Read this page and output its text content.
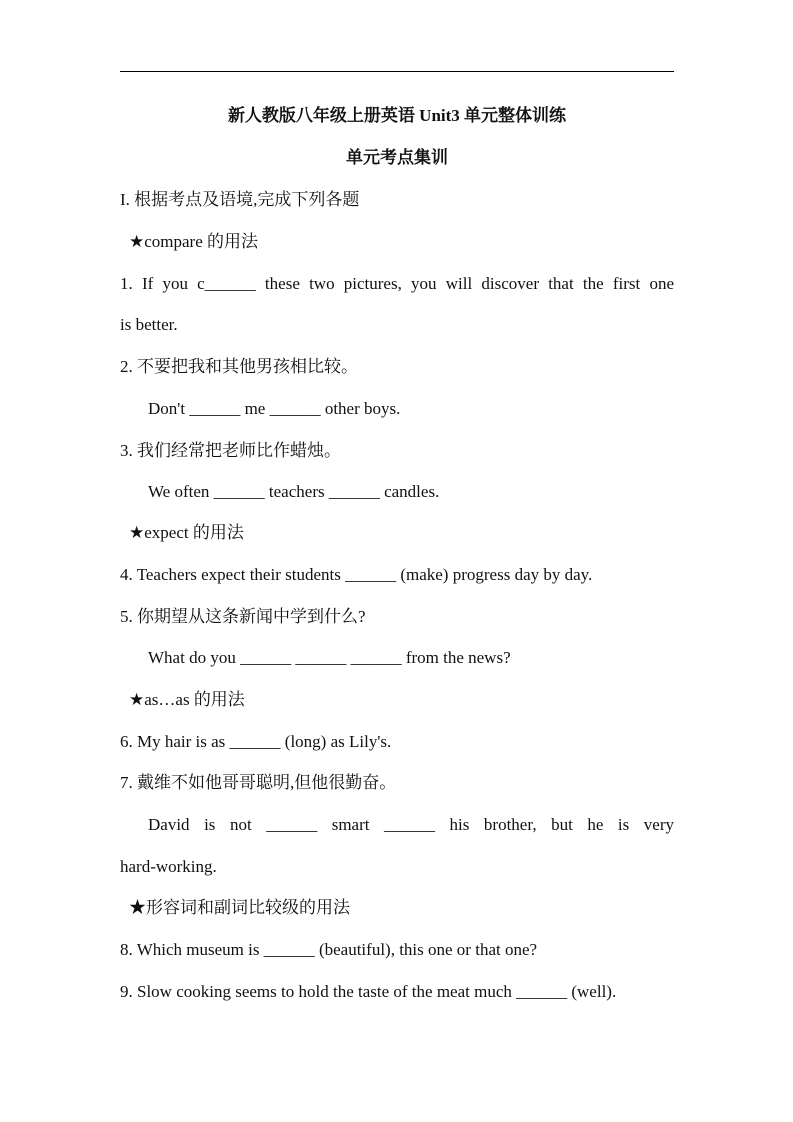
新人教版八年级上册英语 Unit3 单元整体训练
单元考点集训
I. 根据考点及语境,完成下列各题
★compare 的用法
1. If you c______ these two pictures, you will discover that the first one
is better.
2. 不要把我和其他男孩相比较。
Don't ______ me ______ other boys.
3. 我们经常把老师比作蜡烛。
We often ______ teachers ______ candles.
★expect 的用法
4. Teachers expect their students ______ (make) progress day by day.
5. 你期望从这条新闻中学到什么?
What do you ______ ______ ______ from the news?
★as…as 的用法
6. My hair is as ______ (long) as Lily's.
7. 戴维不如他哥哥聪明,但他很勤奋。
David is not ______ smart ______ his brother, but he is very
hard-working.
★形容词和副词比较级的用法
8. Which museum is ______ (beautiful), this one or that one?
9. Slow cooking seems to hold the taste of the meat much ______ (well).
